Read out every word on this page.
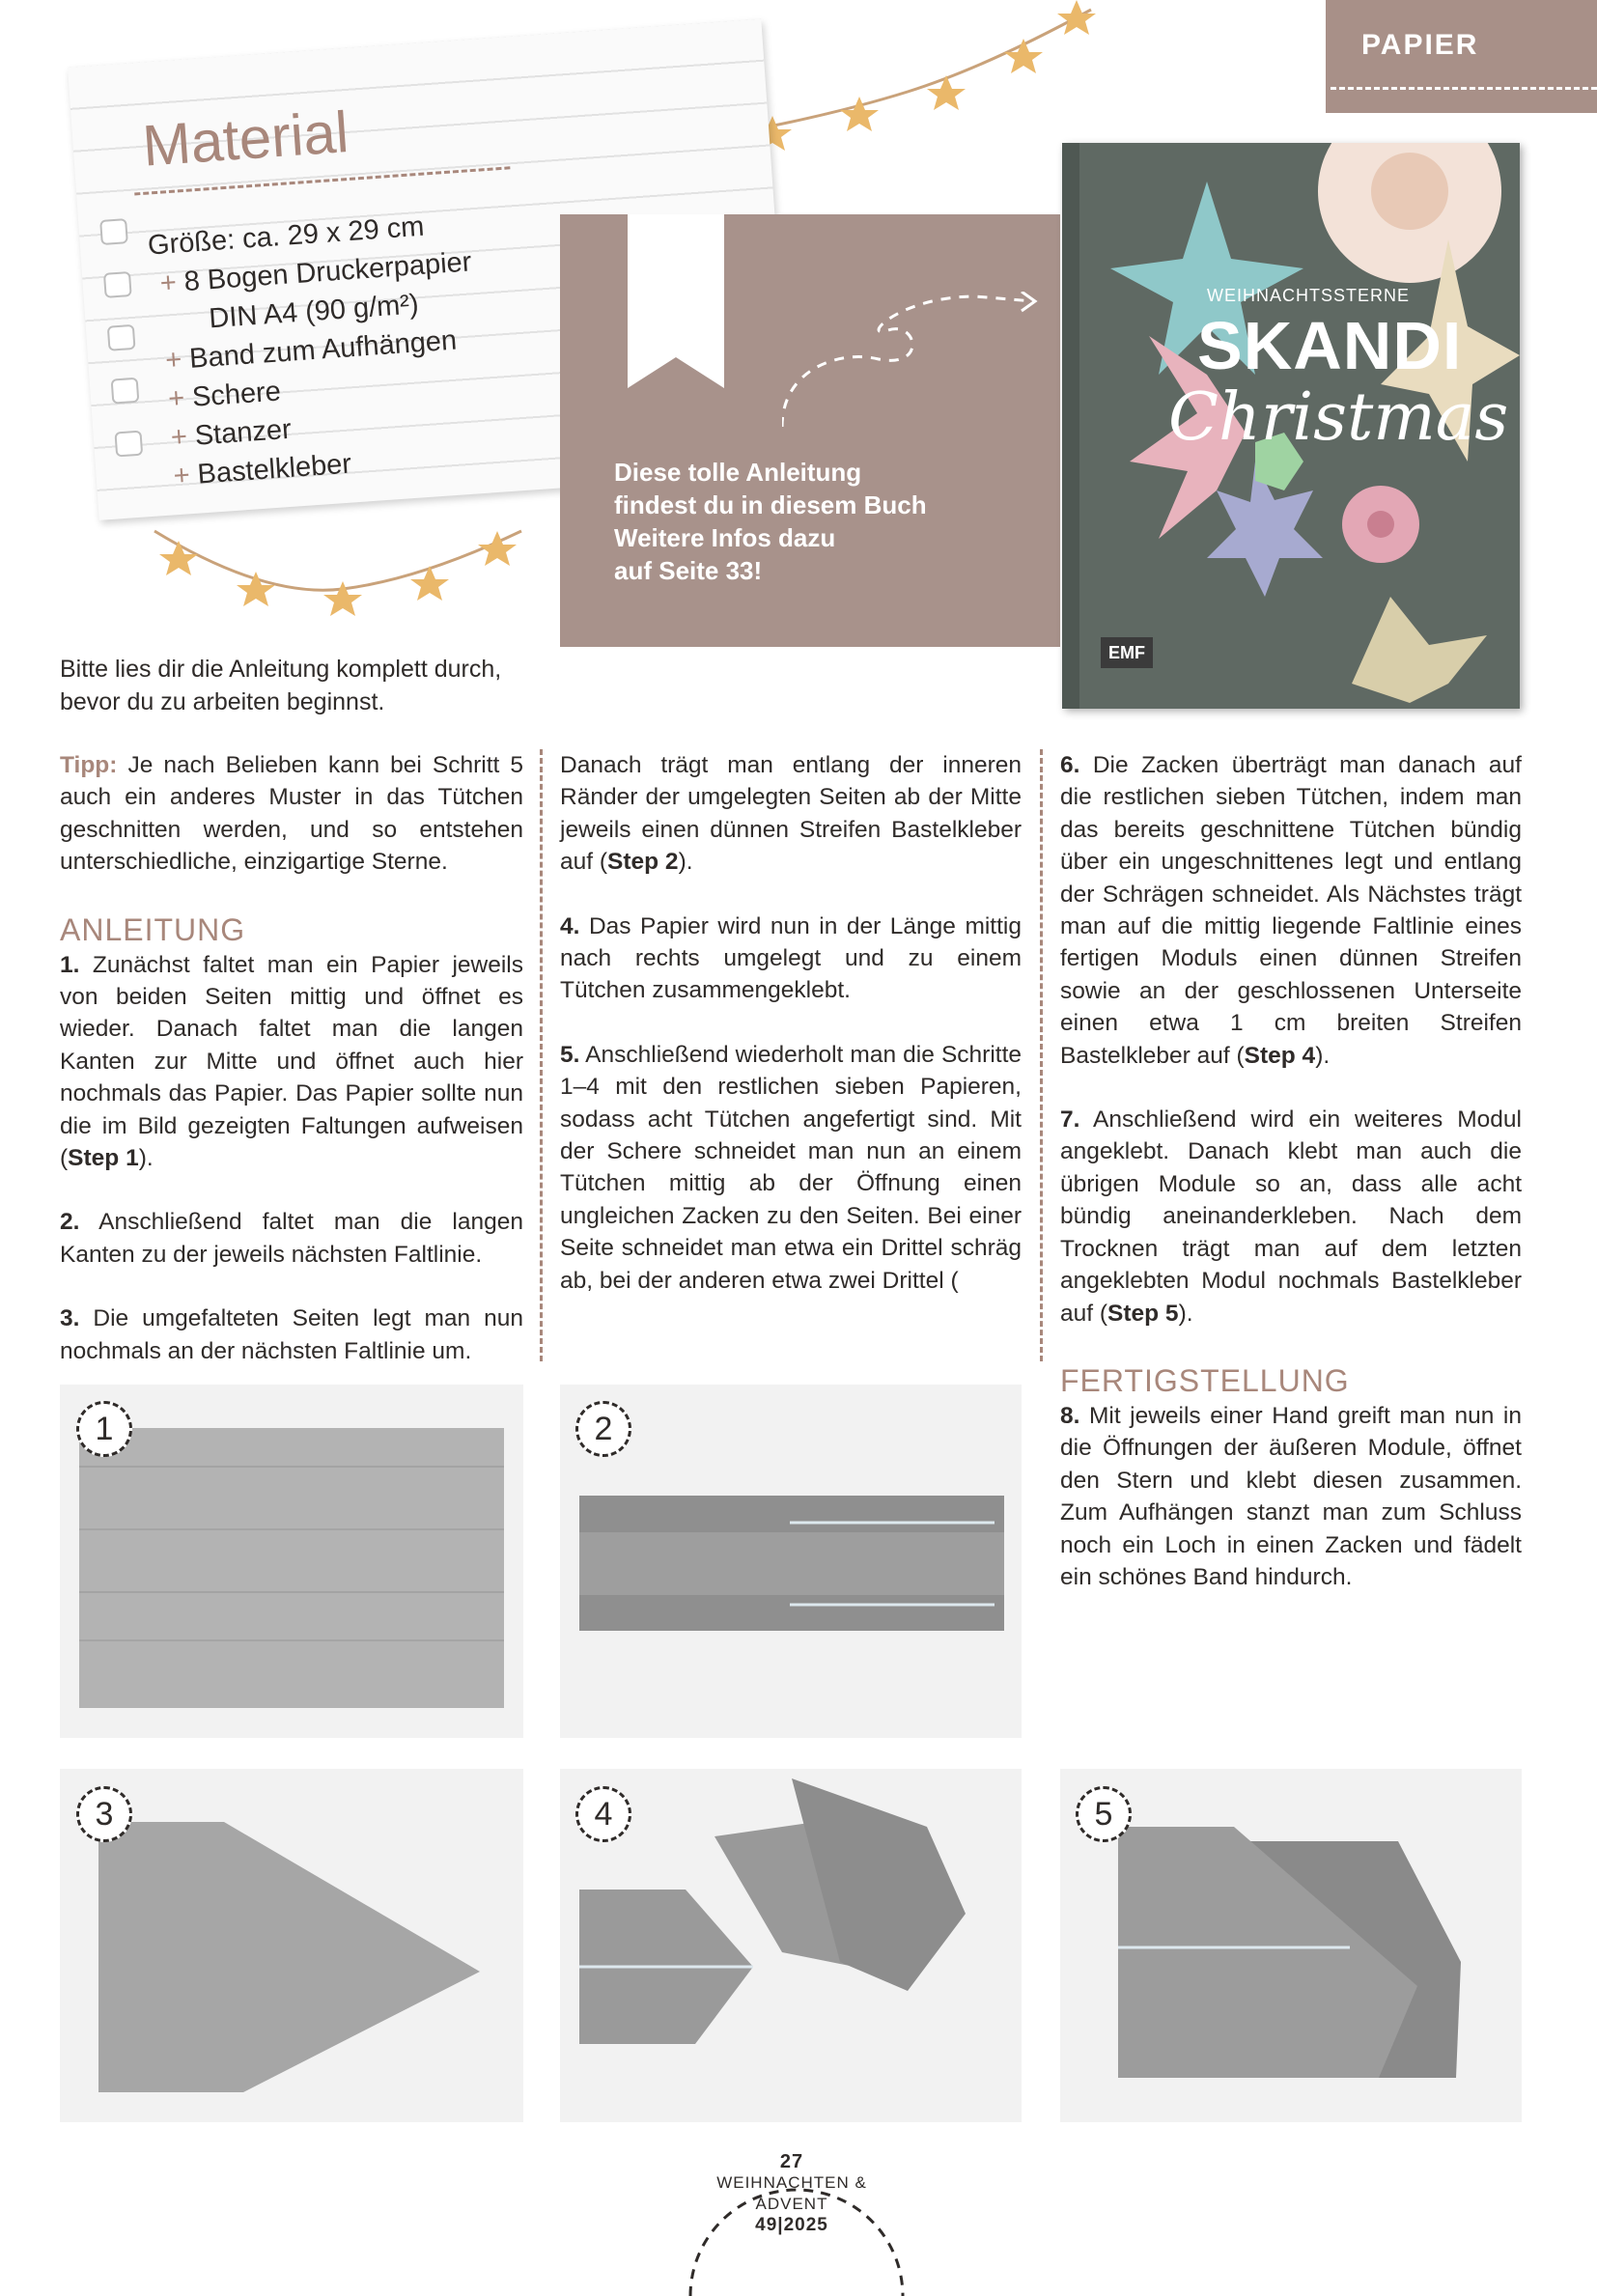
PAPIER
Material
Größe: ca. 29 x 29 cm
+ 8 Bogen Druckerpapier
DIN A4 (90 g/m²)
+ Band zum Aufhängen
+ Schere
+ Stanzer
+ Bastelkleber	Diese tolle Anleitung
findest du in diesem Buch
Weitere Infos dazu
auf Seite 33!
WEIHNACHTSSTERNE
SKANDI
Christmas
EMF
Bitte lies dir die Anleitung komplett durch,
bevor du zu arbeiten beginnst.

Tipp: Je nach Belieben kann bei Schritt 5 auch ein anderes Muster in das Tütchen geschnitten werden, und so entstehen unterschiedliche, einzigartige Sterne.

ANLEITUNG

1. Zunächst faltet man ein Papier jeweils von beiden Seiten mittig und öffnet es wieder. Danach faltet man die langen Kanten zur Mitte und öffnet auch hier nochmals das Papier. Das Papier sollte nun die im Bild gezeigten Faltungen aufweisen (Step 1).

2. Anschließend faltet man die langen Kanten zu der jeweils nächsten Faltlinie.

3. Die umgefalteten Seiten legt man nun nochmals an der nächsten Faltlinie um.

Danach trägt man entlang der inneren Ränder der umgelegten Seiten ab der Mitte jeweils einen dünnen Streifen Bastelkleber auf (Step 2).

4. Das Papier wird nun in der Länge mittig nach rechts umgelegt und zu einem Tütchen zusammengeklebt.

5. Anschließend wiederholt man die Schritte 1–4 mit den restlichen sieben Papieren, sodass acht Tütchen angefertigt sind. Mit der Schere schneidet man nun an einem Tütchen mittig ab der Öffnung einen ungleichen Zacken zu den Seiten. Bei einer Seite schneidet man etwa ein Drittel schräg ab, bei der anderen etwa zwei Drittel (

6. Die Zacken überträgt man danach auf die restlichen sieben Tütchen, indem man das bereits geschnittene Tütchen bündig über ein ungeschnittenes legt und entlang der Schrägen schneidet. Als Nächstes trägt man auf die mittig liegende Faltlinie eines fertigen Moduls einen dünnen Streifen sowie an der geschlossenen Unterseite einen etwa 1 cm breiten Streifen Bastelkleber auf (Step 4).

7. Anschließend wird ein weiteres Modul angeklebt. Danach klebt man auch die übrigen Module so an, dass alle acht bündig aneinanderkleben. Nach dem Trocknen trägt man auf dem letzten angeklebten Modul nochmals Bastelkleber auf (Step 5).

FERTIGSTELLUNG

8. Mit jeweils einer Hand greift man nun in die Öffnungen der äußeren Module, öffnet den Stern und klebt diesen zusammen. Zum Aufhängen stanzt man zum Schluss noch ein Loch in einen Zacken und fädelt ein schönes Band hindurch.

1	2
3	4	5
27
WEIHNACHTEN &
ADVENT
49|2025
